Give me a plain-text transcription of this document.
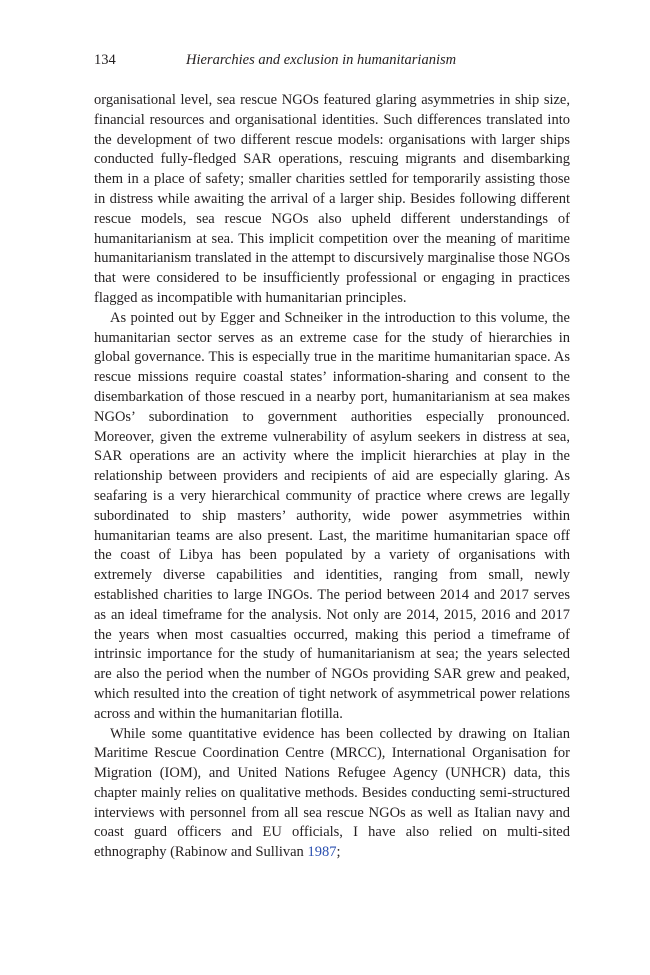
134	Hierarchies and exclusion in humanitarianism

organisational level, sea rescue NGOs featured glaring asymmetries in ship size, financial resources and organisational identities. Such differences translated into the development of two different rescue models: organisations with larger ships conducted fully-fledged SAR operations, rescuing migrants and disembarking them in a place of safety; smaller charities settled for temporarily assisting those in distress while awaiting the arrival of a larger ship. Besides following different rescue models, sea rescue NGOs also upheld different understandings of humanitarianism at sea. This implicit competition over the meaning of maritime humanitarianism translated in the attempt to discursively marginalise those NGOs that were considered to be insufficiently professional or engaging in practices flagged as incompatible with humanitarian principles.

As pointed out by Egger and Schneiker in the introduction to this volume, the humanitarian sector serves as an extreme case for the study of hierarchies in global governance. This is especially true in the maritime humanitarian space. As rescue missions require coastal states’ information-sharing and consent to the disembarkation of those rescued in a nearby port, humanitarianism at sea makes NGOs’ subordination to government authorities especially pronounced. Moreover, given the extreme vulnerability of asylum seekers in distress at sea, SAR operations are an activity where the implicit hierarchies at play in the relationship between providers and recipients of aid are especially glaring. As seafaring is a very hierarchical community of practice where crews are legally subordinated to ship masters’ authority, wide power asymmetries within humanitarian teams are also present. Last, the maritime humanitarian space off the coast of Libya has been populated by a variety of organisations with extremely diverse capabilities and identities, ranging from small, newly established charities to large INGOs. The period between 2014 and 2017 serves as an ideal timeframe for the analysis. Not only are 2014, 2015, 2016 and 2017 the years when most casualties occurred, making this period a timeframe of intrinsic importance for the study of humanitarianism at sea; the years selected are also the period when the number of NGOs providing SAR grew and peaked, which resulted into the creation of tight network of asymmetrical power relations across and within the humanitarian flotilla.

While some quantitative evidence has been collected by drawing on Italian Maritime Rescue Coordination Centre (MRCC), International Organisation for Migration (IOM), and United Nations Refugee Agency (UNHCR) data, this chapter mainly relies on qualitative methods. Besides conducting semi-structured interviews with personnel from all sea rescue NGOs as well as Italian navy and coast guard officers and EU officials, I have also relied on multi-sited ethnography (Rabinow and Sullivan 1987;
